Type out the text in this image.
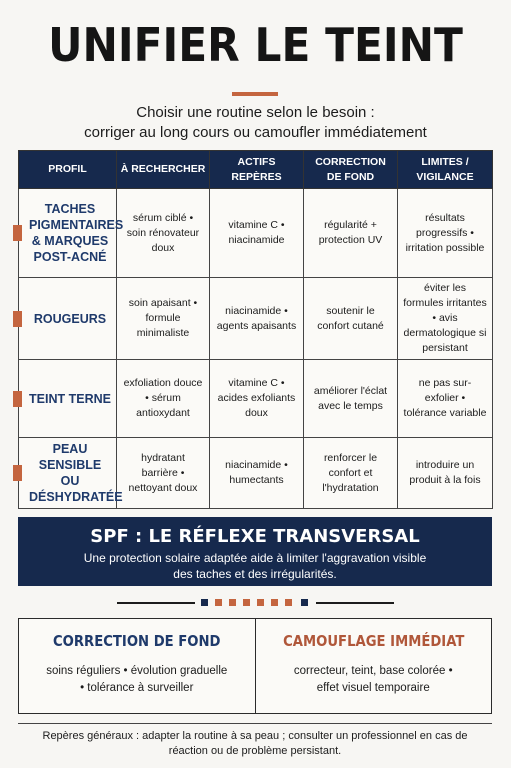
UNIFIER LE TEINT
Choisir une routine selon le besoin :
corriger au long cours ou camoufler immédiatement
PROFIL	À RECHERCHER	ACTIFS REPÈRES	CORRECTION DE FOND	LIMITES / VIGILANCE

TACHES PIGMENTAIRES & MARQUES POST-ACNÉ	sérum ciblé • soin rénovateur doux	vitamine C • niacinamide	régularité + protection UV	résultats progressifs • irritation possible

ROUGEURS	soin apaisant • formule minimaliste	niacinamide • agents apaisants	soutenir le confort cutané	éviter les formules irritantes • avis dermatologique si persistant

TEINT TERNE	exfoliation douce • sérum antioxydant	vitamine C • acides exfoliants doux	améliorer l'éclat avec le temps	ne pas sur-exfolier • tolérance variable

PEAU SENSIBLE OU DÉSHYDRATÉE	hydratant barrière • nettoyant doux	niacinamide • humectants	renforcer le confort et l'hydratation	introduire un produit à la fois
SPF : LE RÉFLEXE TRANSVERSAL
Une protection solaire adaptée aide à limiter l'aggravation visible
des taches et des irrégularités.
CORRECTION DE FOND
soins réguliers • évolution graduelle
• tolérance à surveiller
CAMOUFLAGE IMMÉDIAT
correcteur, teint, base colorée •
effet visuel temporaire
Repères généraux : adapter la routine à sa peau ; consulter un professionnel en cas de
réaction ou de problème persistant.
